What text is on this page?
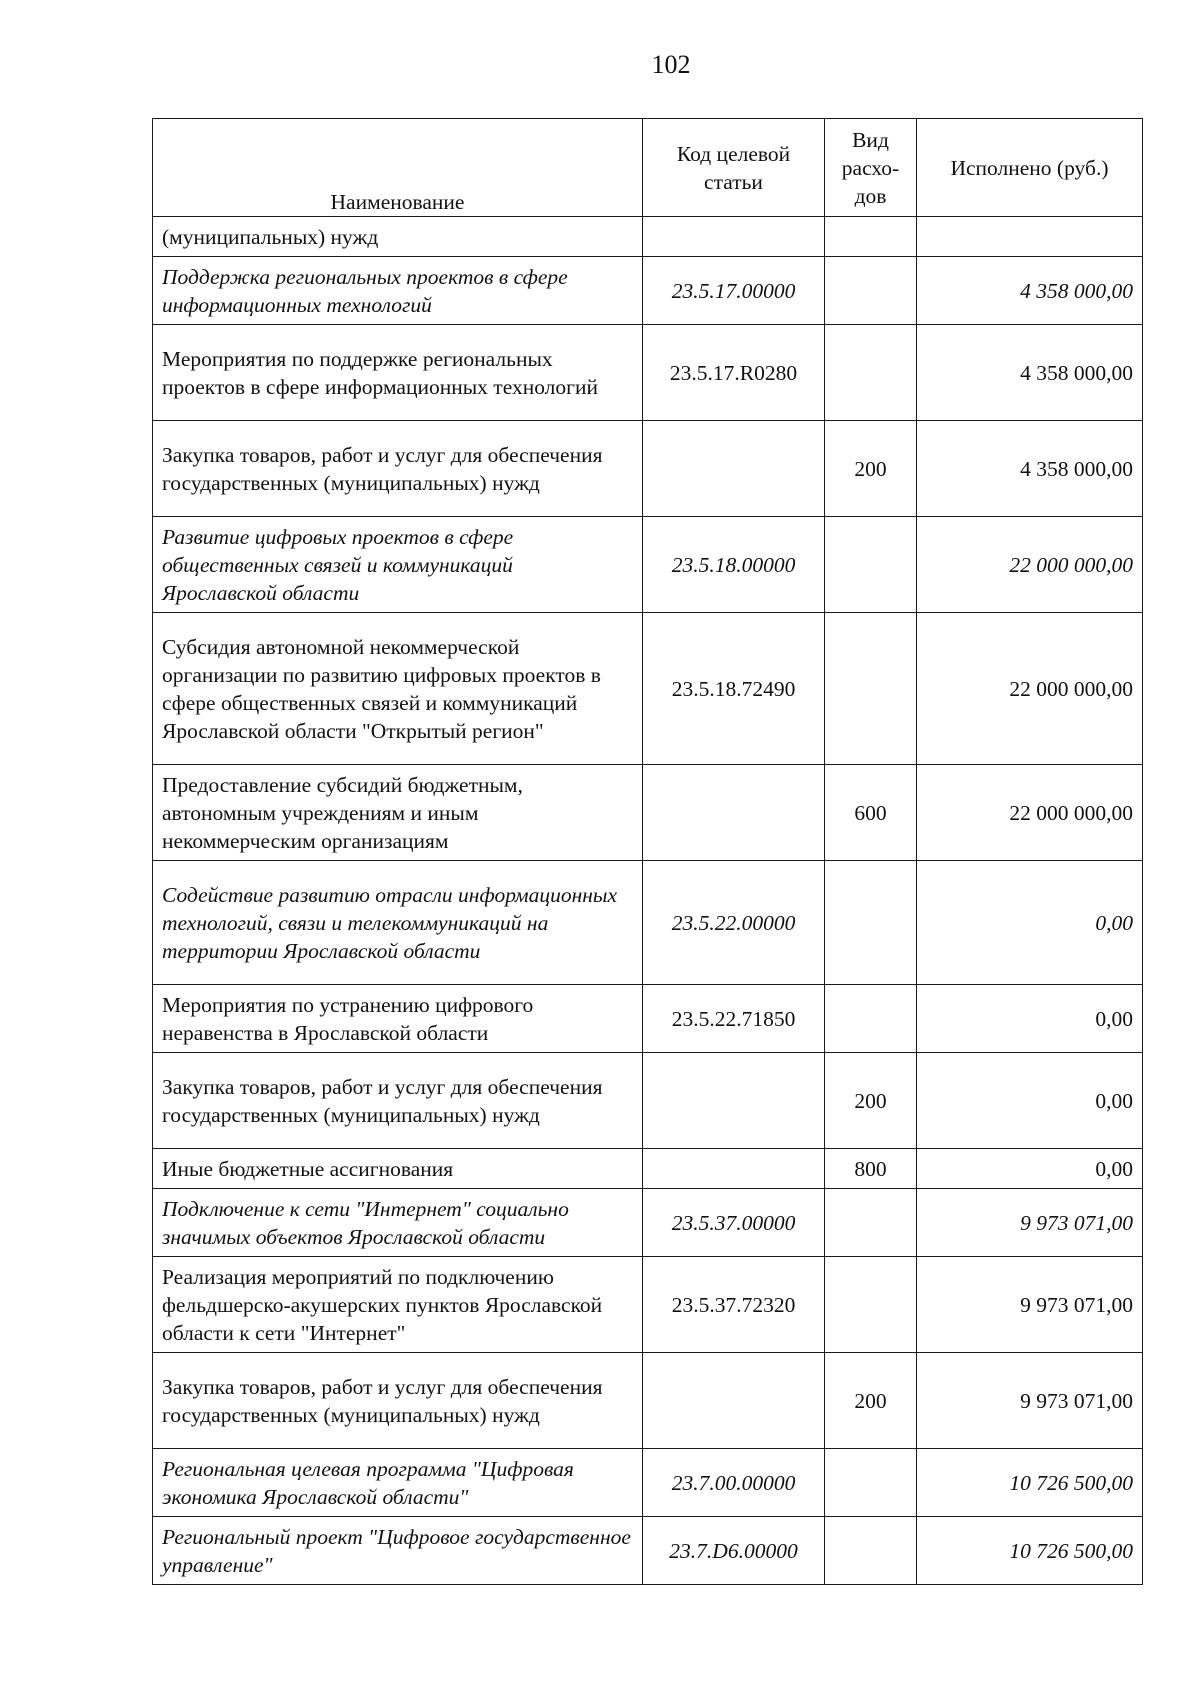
102
Наименование	Код целевой статьи	Вид расхо-дов	Исполнено (руб.)
(муниципальных) нужд			
Поддержка региональных проектов в сфере информационных технологий	23.5.17.00000		4 358 000,00
Мероприятия по поддержке региональных проектов в сфере информационных технологий	23.5.17.R0280		4 358 000,00
Закупка товаров, работ и услуг для обеспечения государственных (муниципальных) нужд		200	4 358 000,00
Развитие цифровых проектов в сфере общественных связей и коммуникаций Ярославской области	23.5.18.00000		22 000 000,00
Субсидия автономной некоммерческой организации по развитию цифровых проектов в сфере общественных связей и коммуникаций Ярославской области "Открытый регион"	23.5.18.72490		22 000 000,00
Предоставление субсидий бюджетным, автономным учреждениям и иным некоммерческим организациям		600	22 000 000,00
Содействие развитию отрасли информационных технологий, связи и телекоммуникаций на территории Ярославской области	23.5.22.00000		0,00
Мероприятия по устранению цифрового неравенства в Ярославской области	23.5.22.71850		0,00
Закупка товаров, работ и услуг для обеспечения государственных (муниципальных) нужд		200	0,00
Иные бюджетные ассигнования		800	0,00
Подключение к сети "Интернет" социально значимых объектов Ярославской области	23.5.37.00000		9 973 071,00
Реализация мероприятий по подключению фельдшерско-акушерских пунктов Ярославской области к сети "Интернет"	23.5.37.72320		9 973 071,00
Закупка товаров, работ и услуг для обеспечения государственных (муниципальных) нужд		200	9 973 071,00
Региональная целевая программа "Цифровая экономика Ярославской области"	23.7.00.00000		10 726 500,00
Региональный проект "Цифровое государственное управление"	23.7.D6.00000		10 726 500,00
